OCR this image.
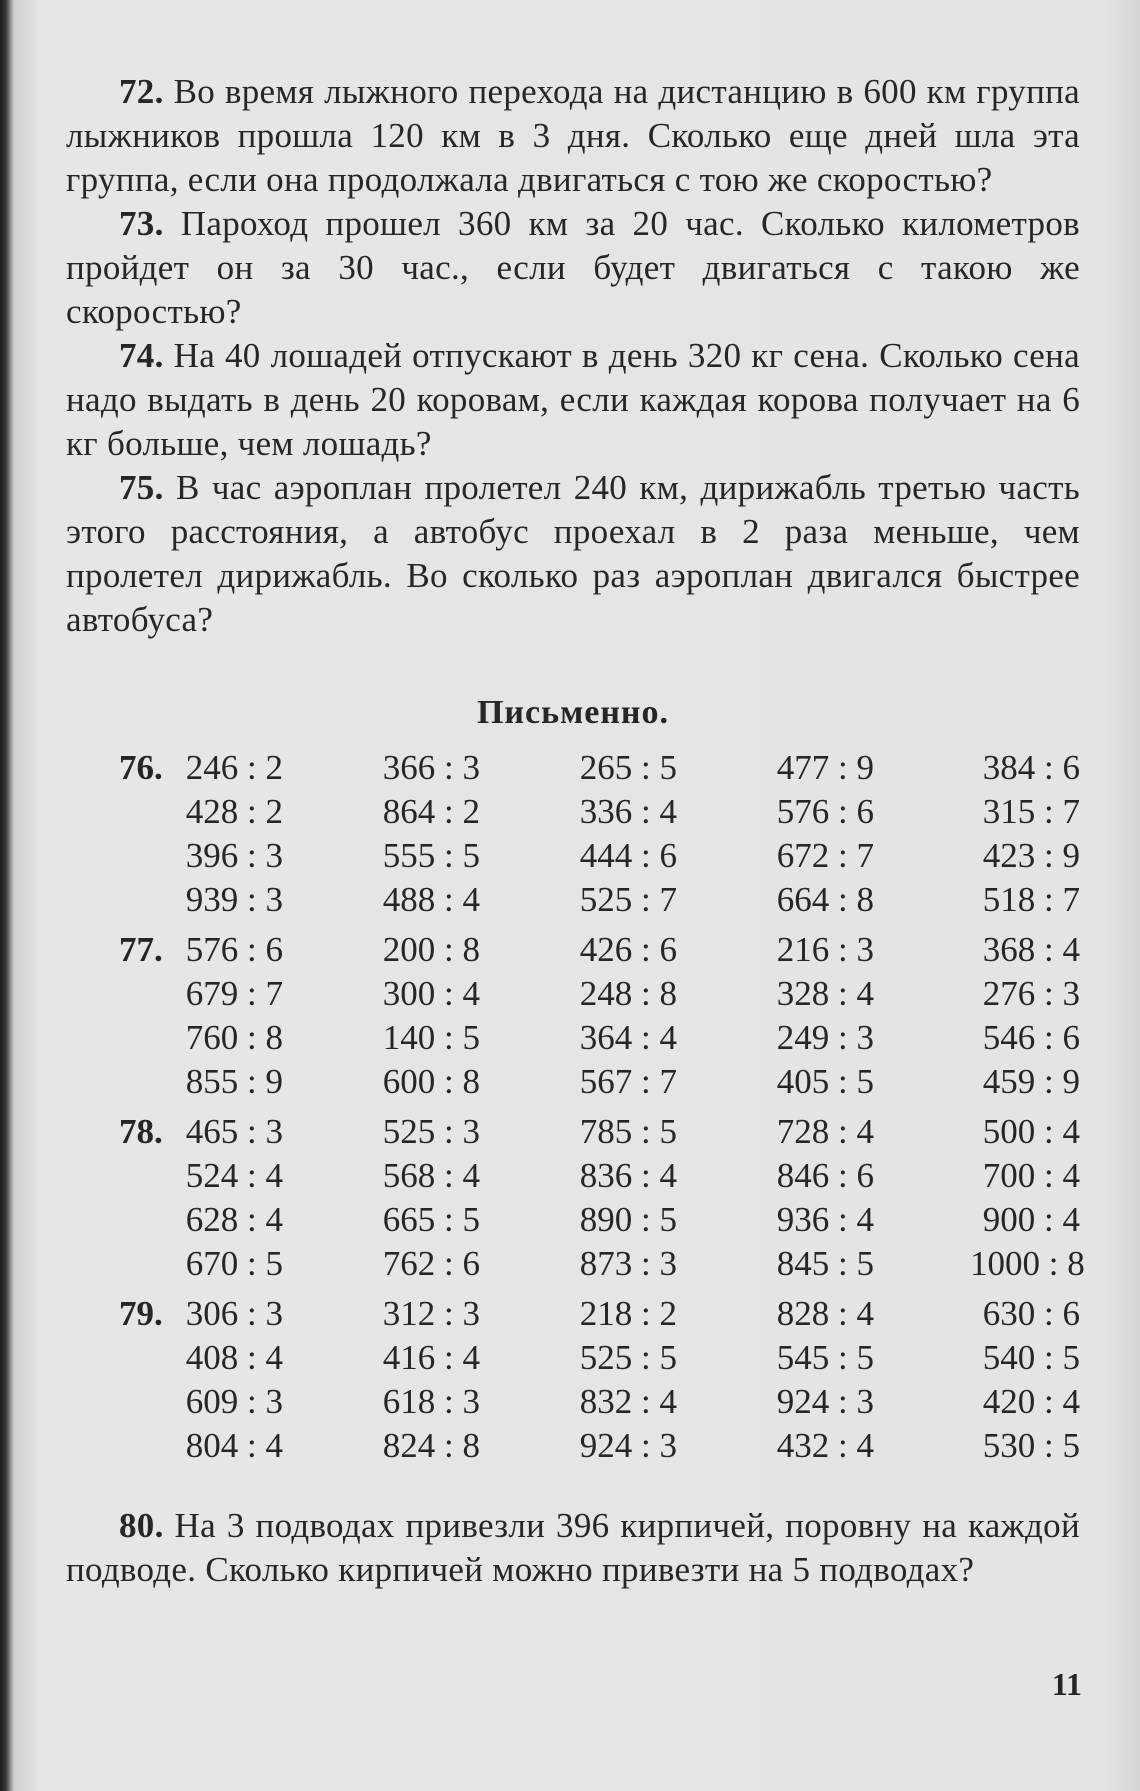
72. Во время лыжного перехода на дистанцию в 600 км группа лыжников прошла 120 км в 3 дня. Сколько еще дней шла эта группа, если она продолжала двигаться с тою же скоростью?

73. Пароход прошел 360 км за 20 час. Сколько километров пройдет он за 30 час., если будет двигаться с такою же скоростью?

74. На 40 лошадей отпускают в день 320 кг сена. Сколько сена надо выдать в день 20 коровам, если каждая корова получает на 6 кг больше, чем лошадь?

75. В час аэроплан пролетел 240 км, дирижабль третью часть этого расстояния, а автобус проехал в 2 раза меньше, чем пролетел дирижабль. Во сколько раз аэроплан двигался быстрее автобуса?

Письменно.
76. 246 : 2	366 : 3	265 : 5	477 : 9	384 : 6
428 : 2	864 : 2	336 : 4	576 : 6	315 : 7
396 : 3	555 : 5	444 : 6	672 : 7	423 : 9
939 : 3	488 : 4	525 : 7	664 : 8	518 : 7
77. 576 : 6	200 : 8	426 : 6	216 : 3	368 : 4
679 : 7	300 : 4	248 : 8	328 : 4	276 : 3
760 : 8	140 : 5	364 : 4	249 : 3	546 : 6
855 : 9	600 : 8	567 : 7	405 : 5	459 : 9
78. 465 : 3	525 : 3	785 : 5	728 : 4	500 : 4
524 : 4	568 : 4	836 : 4	846 : 6	700 : 4
628 : 4	665 : 5	890 : 5	936 : 4	900 : 4
670 : 5	762 : 6	873 : 3	845 : 5	1000 : 8
79. 306 : 3	312 : 3	218 : 2	828 : 4	630 : 6
408 : 4	416 : 4	525 : 5	545 : 5	540 : 5
609 : 3	618 : 3	832 : 4	924 : 3	420 : 4
804 : 4	824 : 8	924 : 3	432 : 4	530 : 5

80. На 3 подводах привезли 396 кирпичей, поровну на каждой подводе. Сколько кирпичей можно привезти на 5 подводах?

11
